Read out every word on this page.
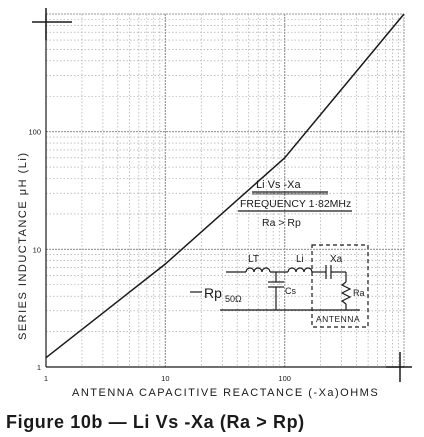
1	10	100
1
10
100
ANTENNA CAPACITIVE REACTANCE (-Xa)OHMS
SERIES INDUCTANCE μH (Li)	Li Vs -Xa
FREQUENCY 1·82MHz
Ra > Rp
LT	Li	Xa
Cs	Ra
Rp 50Ω
ANTENNA
Figure 10b — Li Vs -Xa (Ra > Rp)
